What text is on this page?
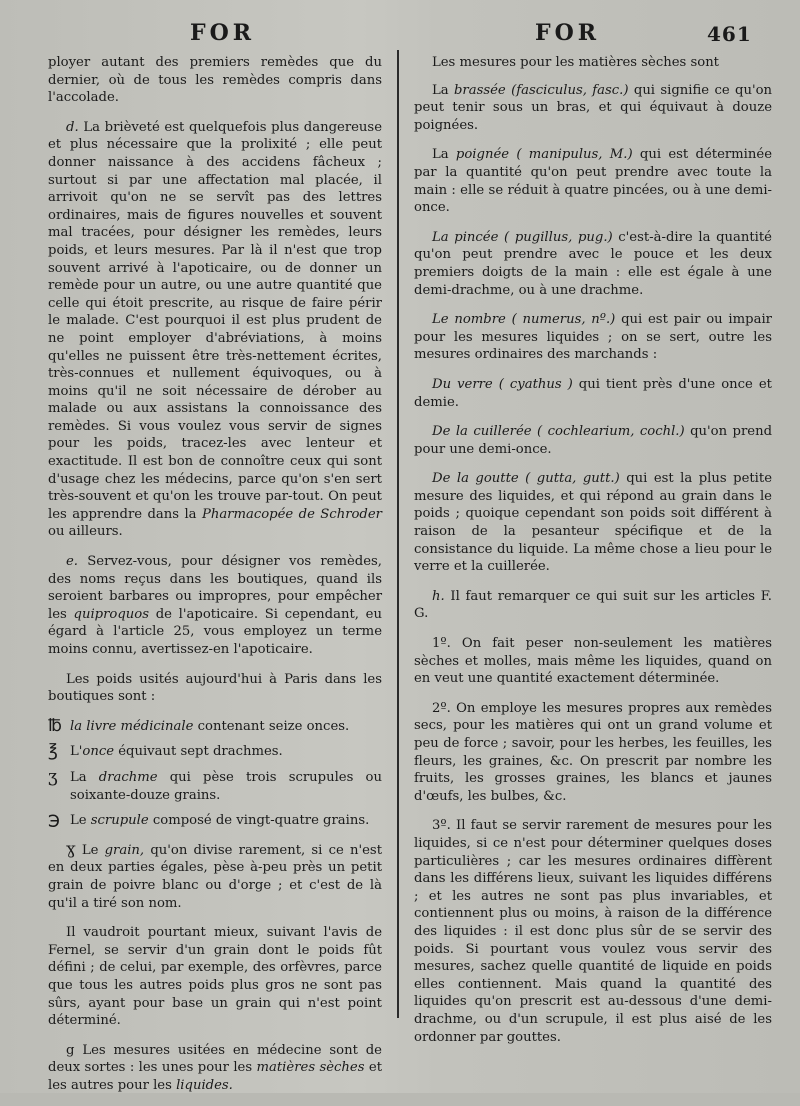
FOR	FOR	461

ployer autant des premiers remèdes que du dernier, où de tous les remèdes compris dans l'accolade.

d. La brièveté est quelquefois plus dangereuse et plus nécessaire que la prolixité ; elle peut donner naissance à des accidens fâcheux ; surtout si par une affectation mal placée, il arrivoit qu'on ne se servît pas des lettres ordinaires, mais de figures nouvelles et souvent mal tracées, pour désigner les remèdes, leurs poids, et leurs mesures. Par là il n'est que trop souvent arrivé à l'apoticaire, ou de donner un remède pour un autre, ou une autre quantité que celle qui étoit prescrite, au risque de faire périr le malade. C'est pourquoi il est plus prudent de ne point employer d'abréviations, à moins qu'elles ne puissent être très-nettement écrites, très-connues et nullement équivoques, ou à moins qu'il ne soit nécessaire de dérober au malade ou aux assistans la connoissance des remèdes. Si vous voulez vous servir de signes pour les poids, tracez-les avec lenteur et exactitude. Il est bon de connoître ceux qui sont d'usage chez les médecins, parce qu'on s'en sert très-souvent et qu'on les trouve par-tout. On peut les apprendre dans la Pharmacopée de Schroder ou ailleurs.

e. Servez-vous, pour désigner vos remèdes, des noms reçus dans les boutiques, quand ils seroient barbares ou impropres, pour empêcher les quiproquos de l'apoticaire. Si cependant, eu égard à l'article 25, vous employez un terme moins connu, avertissez-en l'apoticaire.

Les poids usités aujourd'hui à Paris dans les boutiques sont :

℔ la livre médicinale contenant seize onces.
℥ L'once équivaut sept drachmes.
ʒ La drachme qui pèse trois scrupules ou soixante-douze grains.
℈ Le scrupule composé de vingt-quatre grains.

ɣ Le grain, qu'on divise rarement, si ce n'est en deux parties égales, pèse à-peu près un petit grain de poivre blanc ou d'orge ; et c'est de là qu'il a tiré son nom.

Il vaudroit pourtant mieux, suivant l'avis de Fernel, se servir d'un grain dont le poids fût défini ; de celui, par exemple, des orfèvres, parce que tous les autres poids plus gros ne sont pas sûrs, ayant pour base un grain qui n'est point déterminé.

g Les mesures usitées en médecine sont de deux sortes : les unes pour les matières sèches et les autres pour les liquides.

Les mesures pour les matières sèches sont

La brassée (fasciculus, fasc.) qui signifie ce qu'on peut tenir sous un bras, et qui équivaut à douze poignées.

La poignée ( manipulus, M.) qui est déterminée par la quantité qu'on peut prendre avec toute la main : elle se réduit à quatre pincées, ou à une demi-once.

La pincée ( pugillus, pug.) c'est-à-dire la quantité qu'on peut prendre avec le pouce et les deux premiers doigts de la main : elle est égale à une demi-drachme, ou à une drachme.

Le nombre ( numerus, nº.) qui est pair ou impair pour les mesures liquides ; on se sert, outre les mesures ordinaires des marchands :

Du verre ( cyathus ) qui tient près d'une once et demie.

De la cuillerée ( cochlearium, cochl.) qu'on prend pour une demi-once.

De la goutte ( gutta, gutt.) qui est la plus petite mesure des liquides, et qui répond au grain dans le poids ; quoique cependant son poids soit différent à raison de la pesanteur spécifique et de la consistance du liquide. La même chose a lieu pour le verre et la cuillerée.

h. Il faut remarquer ce qui suit sur les articles F. G.

1º. On fait peser non-seulement les matières sèches et molles, mais même les liquides, quand on en veut une quantité exactement déterminée.

2º. On employe les mesures propres aux remèdes secs, pour les matières qui ont un grand volume et peu de force ; savoir, pour les herbes, les feuilles, les fleurs, les graines, &c. On prescrit par nombre les fruits, les grosses graines, les blancs et jaunes d'œufs, les bulbes, &c.

3º. Il faut se servir rarement de mesures pour les liquides, si ce n'est pour déterminer quelques doses particulières ; car les mesures ordinaires diffèrent dans les différens lieux, suivant les liquides différens ; et les autres ne sont pas plus invariables, et contiennent plus ou moins, à raison de la différence des liquides : il est donc plus sûr de se servir des poids. Si pourtant vous voulez vous servir des mesures, sachez quelle quantité de liquide en poids elles contiennent. Mais quand la quantité des liquides qu'on prescrit est au-dessous d'une demi-drachme, ou d'un scrupule, il est plus aisé de les ordonner par gouttes.
